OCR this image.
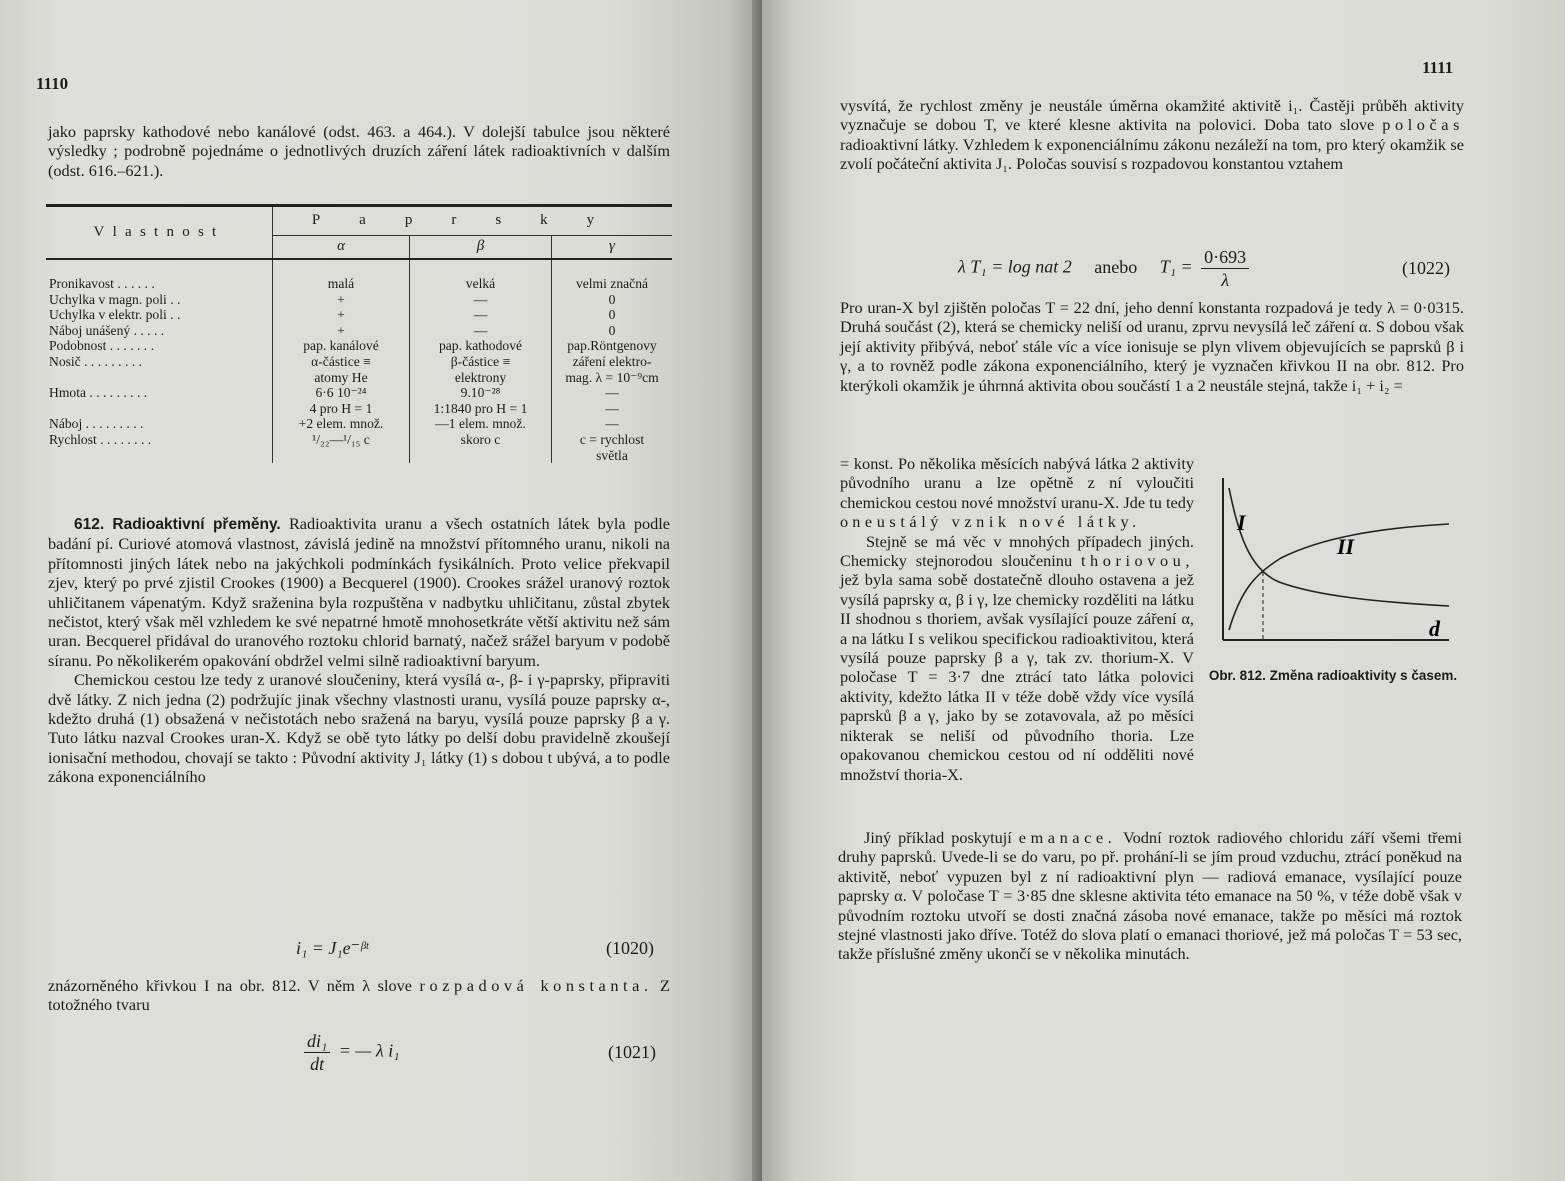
1110

jako paprsky kathodové nebo kanálové (odst. 463. a 464.). V dolejší tabulce jsou některé výsledky ; podrobně pojednáme o jednotlivých druzích záření látek radioaktivních v dalším (odst. 616.–621.).

Vlastnost	Paprsky		
	α	β	γ
Pronikavost . . . . . .	malá	velká	velmi značná
Uchylka v magn. poli . .	+	—	0
Uchylka v elektr. poli . .	+	—	0
Náboj unášený . . . . .	+	—	0
Podobnost . . . . . . .	pap. kanálové	pap. kathodové	pap.Röntgenovy
Nosič . . . . . . . . .	α-částice ≡	β-částice ≡	záření elektro-
	atomy He	elektrony	mag. λ = 10⁻⁹cm
Hmota . . . . . . . . .	6·6 10⁻²⁴	9.10⁻²⁸	—
	4 pro H = 1	1:1840 pro H = 1	—
Náboj . . . . . . . . .	+2 elem. množ.	—1 elem. množ.	—
Rychlost . . . . . . . .	¹/₂₂—¹/₁₅ c	skoro c	c = rychlost
			světla

612. Radioaktivní přeměny. Radioaktivita uranu a všech ostatních látek byla podle badání pí. Curiové atomová vlastnost, závislá jedině na množství přítomného uranu, nikoli na přítomnosti jiných látek nebo na jakýchkoli podmínkách fysikálních. Proto velice překvapil zjev, který po prvé zjistil Crookes (1900) a Becquerel (1900). Crookes srážel uranový roztok uhličitanem vápenatým. Když sraženina byla rozpuštěna v nadbytku uhličitanu, zůstal zbytek nečistot, který však měl vzhledem ke své nepatrné hmotě mnohosetkráte větší aktivitu než sám uran. Becquerel přidával do uranového roztoku chlorid barnatý, načež srážel baryum v podobě síranu. Po několikerém opakování obdržel velmi silně radioaktivní baryum.

Chemickou cestou lze tedy z uranové sloučeniny, která vysílá α-, β- i γ-paprsky, připraviti dvě látky. Z nich jedna (2) podržujíc jinak všechny vlastnosti uranu, vysílá pouze paprsky α-, kdežto druhá (1) obsažená v nečistotách nebo sražená na baryu, vysílá pouze paprsky β a γ. Tuto látku nazval Crookes uran-X. Když se obě tyto látky po delší dobu pravidelně zkoušejí ionisační methodou, chovají se takto : Původní aktivity J₁ látky (1) s dobou t ubývá, a to podle zákona exponenciálního

i₁ = J₁e⁻ᵝᵗ	(1020)

znázorněného křivkou I na obr. 812. V něm λ slove rozpadová konstanta. Z totožného tvaru

$\frac{\text{di₁}}{dt}$ = — λ i₁	(1021)
1111

vysvítá, že rychlost změny je neustále úměrna okamžité aktivitě i₁. Častěji průběh aktivity vyznačuje se dobou T, ve které klesne aktivita na polovici. Doba tato slove poločas radioaktivní látky. Vzhledem k exponenciálnímu zákonu nezáleží na tom, pro který okamžik se zvolí počáteční aktivita J₁. Poločas souvisí s rozpadovou konstantou vztahem

λ T₁ = log nat 2 anebo $T_1 = \frac{0\cdot 693}{\lambda}$	(1022)
Pro uran-X byl zjištěn poločas T = 22 dní, jeho denní konstanta rozpadová je tedy λ = 0·0315. Druhá součást (2), která se chemicky neliší od uranu, zprvu nevysílá leč záření α. S dobou však její aktivity přibývá, neboť stále víc a více ionisuje se plyn vlivem objevujících se paprsků β i γ, a to rovněž podle zákona exponenciálního, který je vyznačen křivkou II na obr. 812. Pro kterýkoli okamžik je úhrnná aktivita obou součástí 1 a 2 neustále stejná, takže i₁ + i₂ =

= konst. Po několika měsících nabývá látka 2 aktivity původního uranu a lze opětně z ní vyloučiti chemickou cestou nové množství uranu-X. Jde tu tedy o neustálý vznik nové látky.

Stejně se má věc v mnohých případech jiných. Chemicky stejnorodou sloučeninu thoriovou, jež byla sama sobě dostatečně dlouho ostavena a jež vysílá paprsky α, β i γ, lze chemicky rozděliti na látku II shodnou s thoriem, avšak vysílající pouze záření α, a na látku I s velikou specifickou radioaktivitou, která vysílá pouze paprsky β a γ, tak zv. thorium-X. V poločase T = 3·7 dne ztrácí tato látka polovici aktivity, kdežto látka II v téže době vždy více vysílá paprsků β a γ, jako by se zotavovala, až po měsíci nikterak se neliší od původního thoria. Lze opakovanou chemickou cestou od ní odděliti nové množství thoria-X.

I
II
d
Obr. 812. Změna radioaktivity s časem.

Jiný příklad poskytují emanace. Vodní roztok radiového chloridu září všemi třemi druhy paprsků. Uvede-li se do varu, po př. prohání-li se jím proud vzduchu, ztrácí poněkud na aktivitě, neboť vypuzen byl z ní radioaktivní plyn — radiová emanace, vysílající pouze paprsky α. V poločase T = 3·85 dne sklesne aktivita této emanace na 50 %, v téže době však v původním roztoku utvoří se dosti značná zásoba nové emanace, takže po měsíci má roztok stejné vlastnosti jako dříve. Totéž do slova platí o emanaci thoriové, jež má poločas T = 53 sec, takže příslušné změny ukončí se v několika minutách.
